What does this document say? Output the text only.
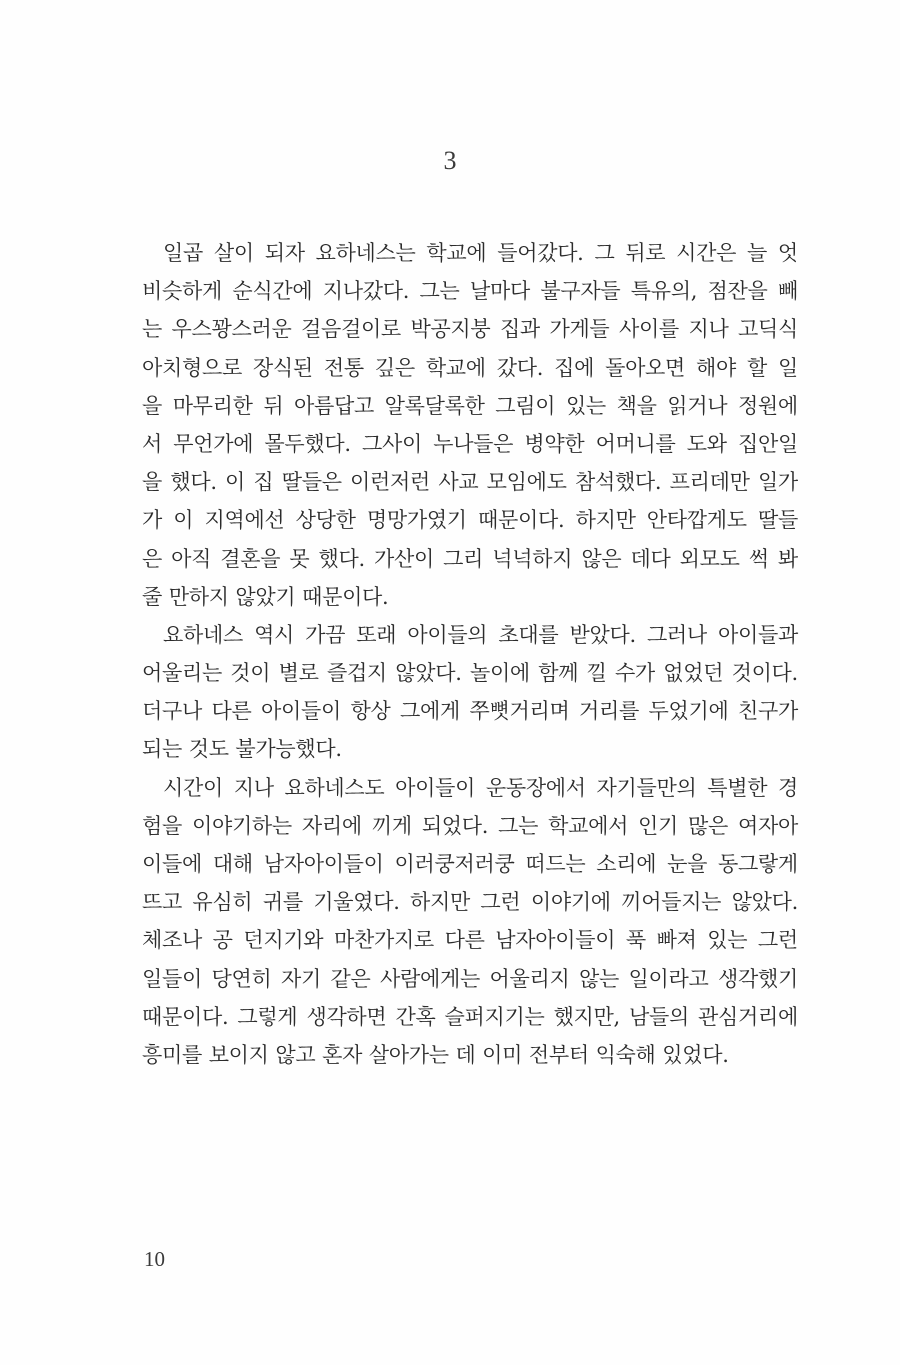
3
일곱 살이 되자 요하네스는 학교에 들어갔다. 그 뒤로 시간은 늘 엇
비슷하게 순식간에 지나갔다. 그는 날마다 불구자들 특유의, 점잔을 빼
는 우스꽝스러운 걸음걸이로 박공지붕 집과 가게들 사이를 지나 고딕식
아치형으로 장식된 전통 깊은 학교에 갔다. 집에 돌아오면 해야 할 일
을 마무리한 뒤 아름답고 알록달록한 그림이 있는 책을 읽거나 정원에
서 무언가에 몰두했다. 그사이 누나들은 병약한 어머니를 도와 집안일
을 했다. 이 집 딸들은 이런저런 사교 모임에도 참석했다. 프리데만 일가
가 이 지역에선 상당한 명망가였기 때문이다. 하지만 안타깝게도 딸들
은 아직 결혼을 못 했다. 가산이 그리 넉넉하지 않은 데다 외모도 썩 봐
줄 만하지 않았기 때문이다.
요하네스 역시 가끔 또래 아이들의 초대를 받았다. 그러나 아이들과
어울리는 것이 별로 즐겁지 않았다. 놀이에 함께 낄 수가 없었던 것이다.
더구나 다른 아이들이 항상 그에게 쭈뼛거리며 거리를 두었기에 친구가
되는 것도 불가능했다.
시간이 지나 요하네스도 아이들이 운동장에서 자기들만의 특별한 경
험을 이야기하는 자리에 끼게 되었다. 그는 학교에서 인기 많은 여자아
이들에 대해 남자아이들이 이러쿵저러쿵 떠드는 소리에 눈을 동그랗게
뜨고 유심히 귀를 기울였다. 하지만 그런 이야기에 끼어들지는 않았다.
체조나 공 던지기와 마찬가지로 다른 남자아이들이 푹 빠져 있는 그런
일들이 당연히 자기 같은 사람에게는 어울리지 않는 일이라고 생각했기
때문이다. 그렇게 생각하면 간혹 슬퍼지기는 했지만, 남들의 관심거리에
흥미를 보이지 않고 혼자 살아가는 데 이미 전부터 익숙해 있었다.
10
